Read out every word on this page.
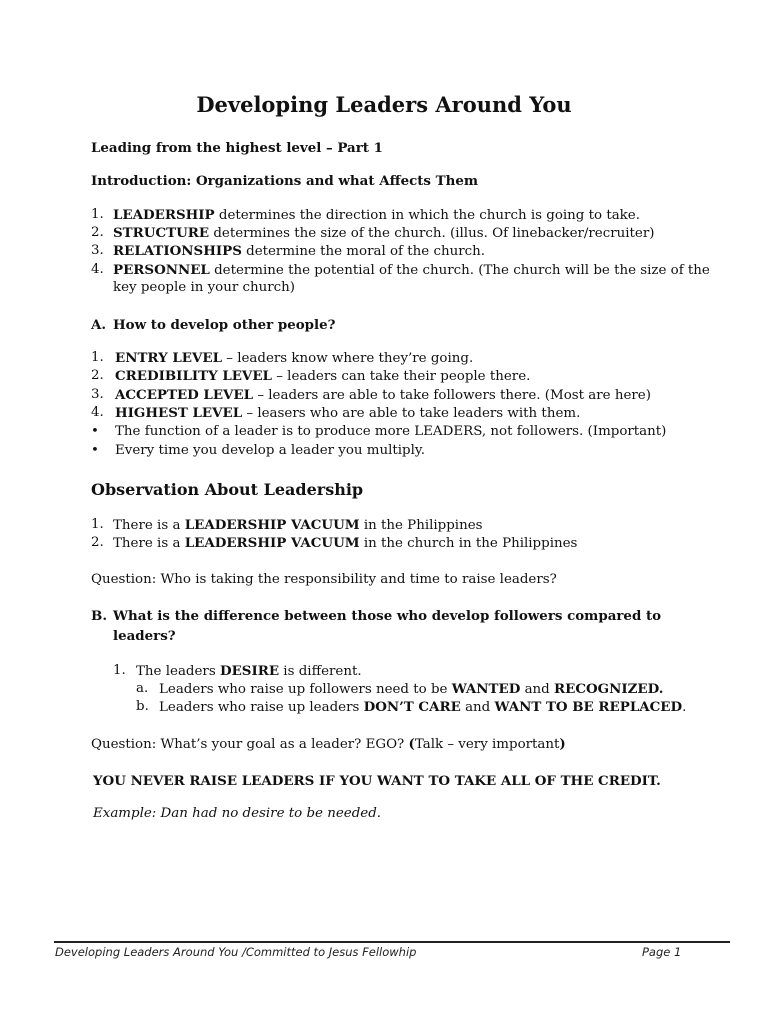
Developing Leaders Around You
Leading from the highest level – Part 1
Introduction: Organizations and what Affects Them
1. LEADERSHIP determines the direction in which the church is going to take.
2. STRUCTURE determines the size of the church. (illus. Of linebacker/recruiter)
3. RELATIONSHIPS determine the moral of the church.
4. PERSONNEL determine the potential of the church. (The church will be the size of the
key people in your church)
A. How to develop other people?
1. ENTRY LEVEL – leaders know where they’re going.
2. CREDIBILITY LEVEL – leaders can take their people there.
3. ACCEPTED LEVEL – leaders are able to take followers there. (Most are here)
4. HIGHEST LEVEL – leasers who are able to take leaders with them.
•	The function of a leader is to produce more LEADERS, not followers. (Important)
•	Every time you develop a leader you multiply.
Observation About Leadership
1. There is a LEADERSHIP VACUUM in the Philippines
2. There is a LEADERSHIP VACUUM in the church in the Philippines
Question: Who is taking the responsibility and time to raise leaders?
B. What is the difference between those who develop followers compared to
leaders?
1. The leaders DESIRE is different.
a. Leaders who raise up followers need to be WANTED and RECOGNIZED.
b. Leaders who raise up leaders DON’T CARE and WANT TO BE REPLACED.
Question: What’s your goal as a leader? EGO? (Talk – very important)
YOU NEVER RAISE LEADERS IF YOU WANT TO TAKE ALL OF THE CREDIT.
Example: Dan had no desire to be needed.
Developing Leaders Around You /Committed to Jesus Fellowhip	Page 1
